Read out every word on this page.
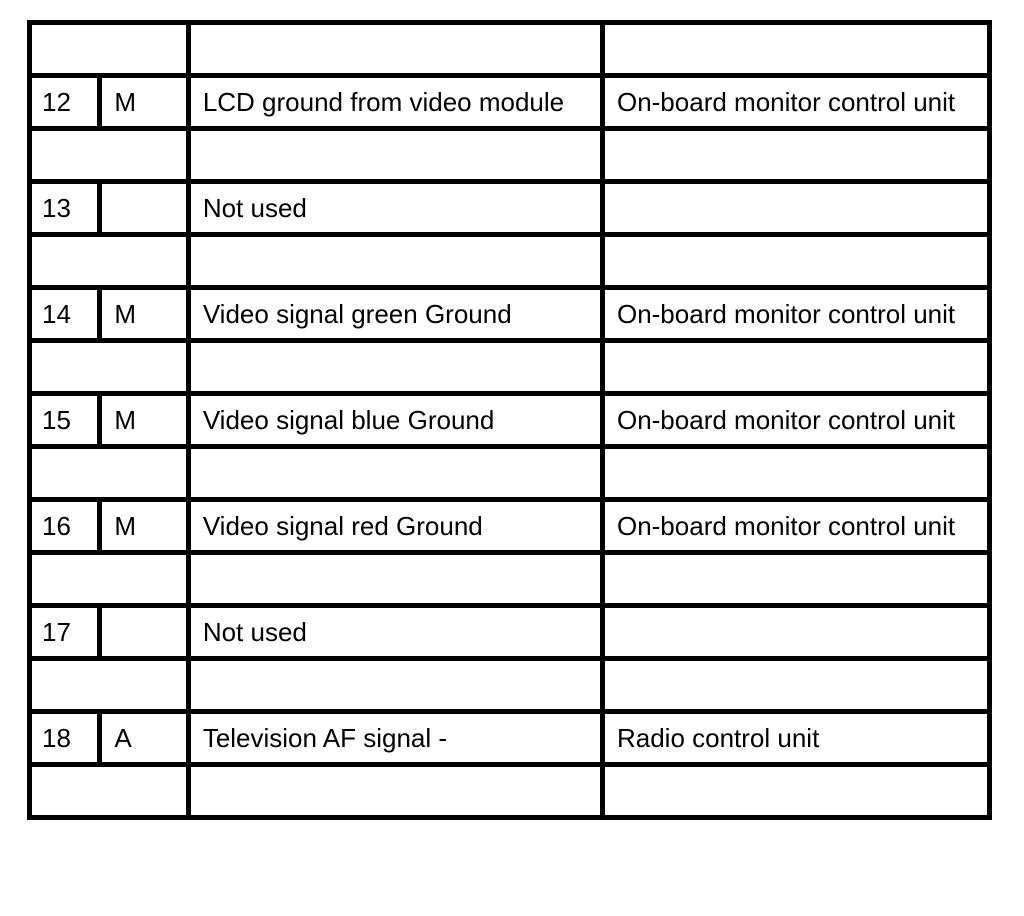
12	M	LCD ground from video module	On-board monitor control unit

13		Not used	

14	M	Video signal green Ground	On-board monitor control unit

15	M	Video signal blue Ground	On-board monitor control unit

16	M	Video signal red Ground	On-board monitor control unit

17		Not used	

18	A	Television AF signal -	Radio control unit
